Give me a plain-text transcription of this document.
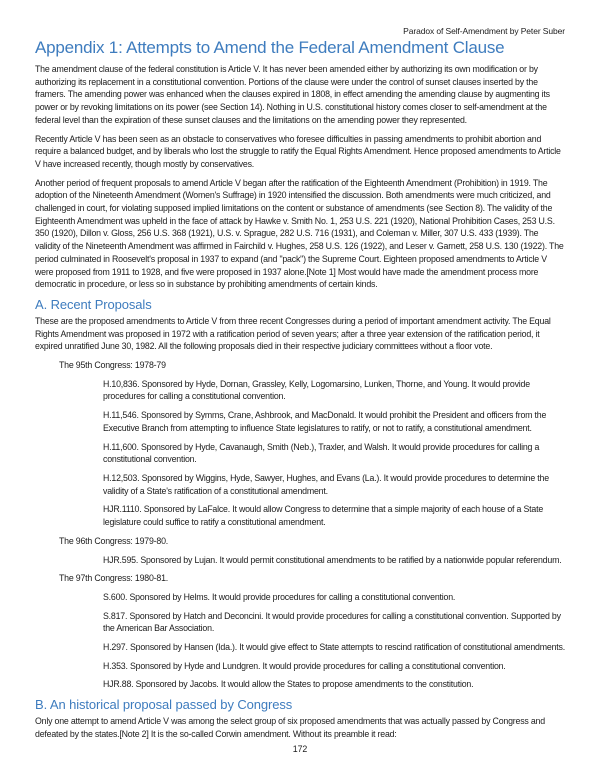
Paradox of Self-Amendment by Peter Suber
Appendix 1: Attempts to Amend the Federal Amendment Clause

The amendment clause of the federal constitution is Article V. It has never been amended either by authorizing its own modification or by authorizing its replacement in a constitutional convention. Portions of the clause were under the control of sunset clauses inserted by the framers. The amending power was enhanced when the clauses expired in 1808, in effect amending the amending clause by augmenting its power or by revoking limitations on its power (see Section 14). Nothing in U.S. constitutional history comes closer to self-amendment at the federal level than the expiration of these sunset clauses and the limitations on the amending power they represented.

Recently Article V has been seen as an obstacle to conservatives who foresee difficulties in passing amendments to prohibit abortion and require a balanced budget, and by liberals who lost the struggle to ratify the Equal Rights Amendment. Hence proposed amendments to Article V have increased recently, though mostly by conservatives.

Another period of frequent proposals to amend Article V began after the ratification of the Eighteenth Amendment (Prohibition) in 1919. The adoption of the Nineteenth Amendment (Women's Suffrage) in 1920 intensified the discussion. Both amendments were much criticized, and challenged in court, for violating supposed implied limitations on the content or substance of amendments (see Section 8). The validity of the Eighteenth Amendment was upheld in the face of attack by Hawke v. Smith No. 1, 253 U.S. 221 (1920), National Prohibition Cases, 253 U.S. 350 (1920), Dillon v. Gloss, 256 U.S. 368 (1921), U.S. v. Sprague, 282 U.S. 716 (1931), and Coleman v. Miller, 307 U.S. 433 (1939). The validity of the Nineteenth Amendment was affirmed in Fairchild v. Hughes, 258 U.S. 126 (1922), and Leser v. Garnett, 258 U.S. 130 (1922). The period culminated in Roosevelt's proposal in 1937 to expand (and "pack") the Supreme Court. Eighteen proposed amendments to Article V were proposed from 1911 to 1928, and five were proposed in 1937 alone.[Note 1] Most would have made the amendment process more democratic in procedure, or less so in substance by prohibiting amendments of certain kinds.

A. Recent Proposals

These are the proposed amendments to Article V from three recent Congresses during a period of important amendment activity. The Equal Rights Amendment was proposed in 1972 with a ratification period of seven years; after a three year extension of the ratification period, it expired unratified June 30, 1982. All the following proposals died in their respective judiciary committees without a floor vote.

The 95th Congress: 1978-79

H.10,836. Sponsored by Hyde, Dornan, Grassley, Kelly, Logomarsino, Lunken, Thorne, and Young. It would provide procedures for calling a constitutional convention.

H.11,546. Sponsored by Symms, Crane, Ashbrook, and MacDonald. It would prohibit the President and officers from the Executive Branch from attempting to influence State legislatures to ratify, or not to ratify, a constitutional amendment.

H.11,600. Sponsored by Hyde, Cavanaugh, Smith (Neb.), Traxler, and Walsh. It would provide procedures for calling a constitutional convention.

H.12,503. Sponsored by Wiggins, Hyde, Sawyer, Hughes, and Evans (La.). It would provide procedures to determine the validity of a State's ratification of a constitutional amendment.

HJR.1110. Sponsored by LaFalce. It would allow Congress to determine that a simple majority of each house of a State legislature could suffice to ratify a constitutional amendment.

The 96th Congress: 1979-80.

HJR.595. Sponsored by Lujan. It would permit constitutional amendments to be ratified by a nationwide popular referendum.

The 97th Congress: 1980-81.

S.600. Sponsored by Helms. It would provide procedures for calling a constitutional convention.

S.817. Sponsored by Hatch and Deconcini. It would provide procedures for calling a constitutional convention. Supported by the American Bar Association.

H.297. Sponsored by Hansen (Ida.). It would give effect to State attempts to rescind ratification of constitutional amendments.

H.353. Sponsored by Hyde and Lundgren. It would provide procedures for calling a constitutional convention.

HJR.88. Sponsored by Jacobs. It would allow the States to propose amendments to the constitution.

B. An historical proposal passed by Congress

Only one attempt to amend Article V was among the select group of six proposed amendments that was actually passed by Congress and defeated by the states.[Note 2] It is the so-called Corwin amendment. Without its preamble it read:

172
